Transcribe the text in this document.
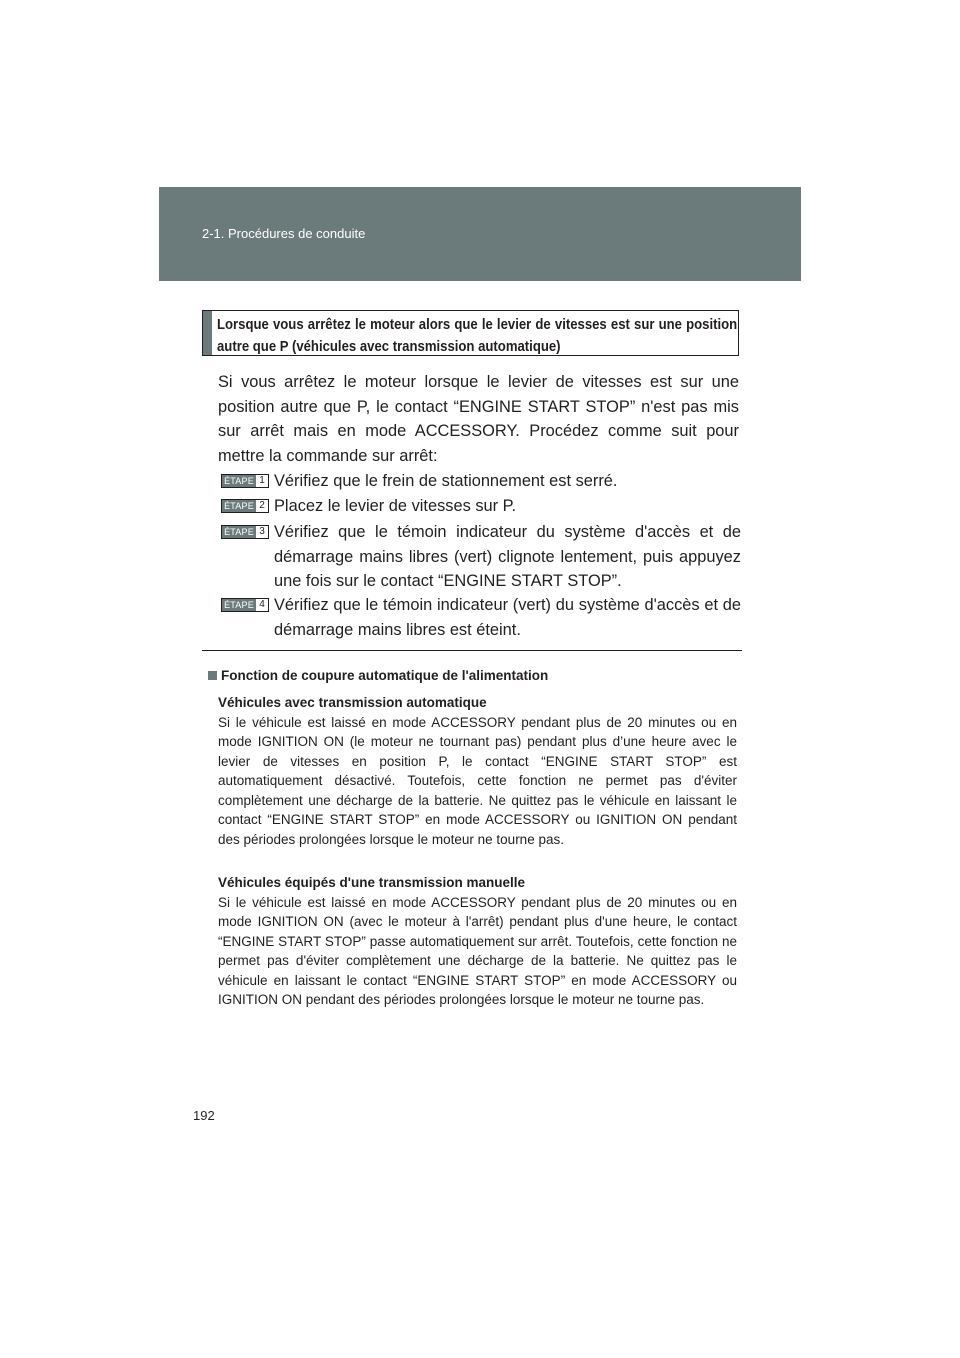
2-1. Procédures de conduite
Lorsque vous arrêtez le moteur alors que le levier de vitesses est sur une position autre que P (véhicules avec transmission automatique)

Si vous arrêtez le moteur lorsque le levier de vitesses est sur une position autre que P, le contact “ENGINE START STOP” n'est pas mis sur arrêt mais en mode ACCESSORY. Procédez comme suit pour mettre la commande sur arrêt:

ÉTAPE 1 Vérifiez que le frein de stationnement est serré.
ÉTAPE 2 Placez le levier de vitesses sur P.
ÉTAPE 3 Vérifiez que le témoin indicateur du système d'accès et de démarrage mains libres (vert) clignote lentement, puis appuyez une fois sur le contact “ENGINE START STOP”.
ÉTAPE 4 Vérifiez que le témoin indicateur (vert) du système d'accès et de démarrage mains libres est éteint.
Fonction de coupure automatique de l'alimentation
Véhicules avec transmission automatique

Si le véhicule est laissé en mode ACCESSORY pendant plus de 20 minutes ou en mode IGNITION ON (le moteur ne tournant pas) pendant plus d’une heure avec le levier de vitesses en position P, le contact “ENGINE START STOP” est automatiquement désactivé. Toutefois, cette fonction ne permet pas d'éviter complètement une décharge de la batterie. Ne quittez pas le véhicule en laissant le contact “ENGINE START STOP” en mode ACCESSORY ou IGNITION ON pendant des périodes prolongées lorsque le moteur ne tourne pas.

Véhicules équipés d'une transmission manuelle

Si le véhicule est laissé en mode ACCESSORY pendant plus de 20 minutes ou en mode IGNITION ON (avec le moteur à l'arrêt) pendant plus d'une heure, le contact “ENGINE START STOP” passe automatiquement sur arrêt. Toutefois, cette fonction ne permet pas d'éviter complètement une décharge de la batterie. Ne quittez pas le véhicule en laissant le contact “ENGINE START STOP” en mode ACCESSORY ou IGNITION ON pendant des périodes prolongées lorsque le moteur ne tourne pas.

192
